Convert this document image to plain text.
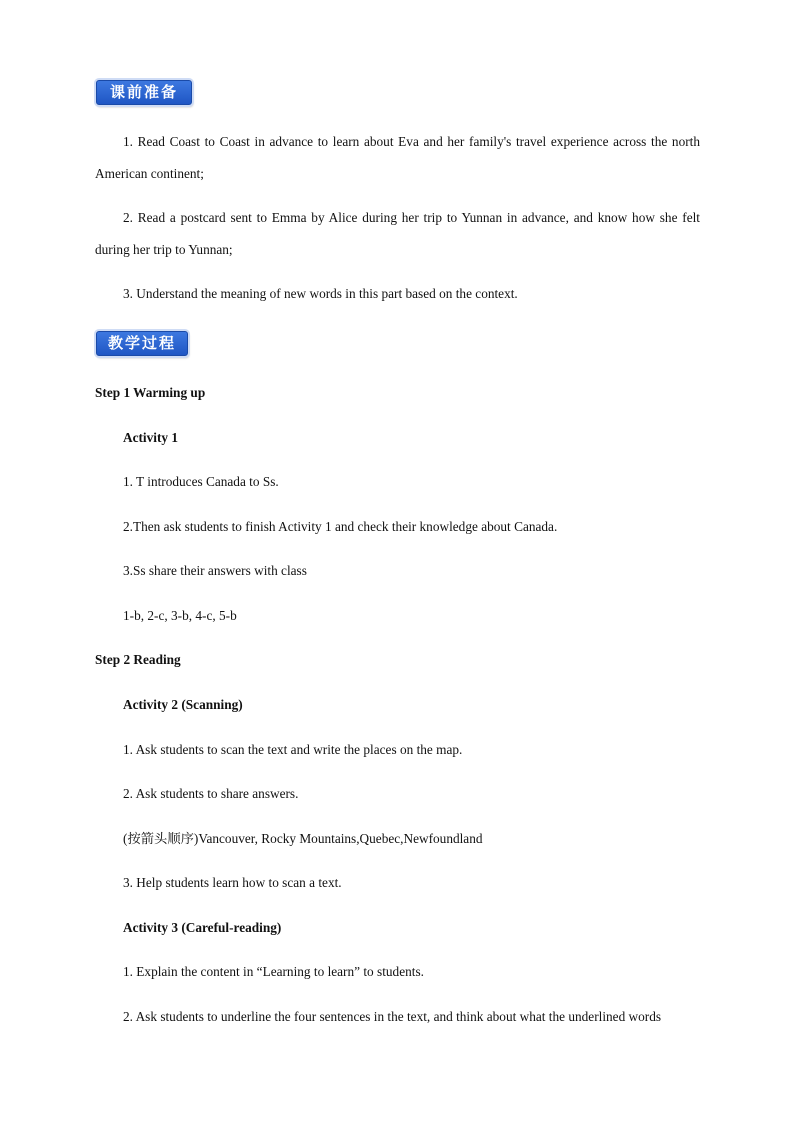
课前准备

1. Read Coast to Coast in advance to learn about Eva and her family's travel experience across the north American continent;

2. Read a postcard sent to Emma by Alice during her trip to Yunnan in advance, and know how she felt during her trip to Yunnan;

3. Understand the meaning of new words in this part based on the context.

教学过程

Step 1 Warming up

Activity 1

1. T introduces Canada to Ss.

2.Then ask students to finish Activity 1 and check their knowledge about Canada.

3.Ss share their answers with class

1-b, 2-c, 3-b, 4-c, 5-b

Step 2 Reading

Activity 2 (Scanning)

1. Ask students to scan the text and write the places on the map.

2. Ask students to share answers.

(按箭头顺序)Vancouver, Rocky Mountains,Quebec,Newfoundland

3. Help students learn how to scan a text.

Activity 3 (Careful-reading)

1. Explain the content in “Learning to learn” to students.

2. Ask students to underline the four sentences in the text, and think about what the underlined words
